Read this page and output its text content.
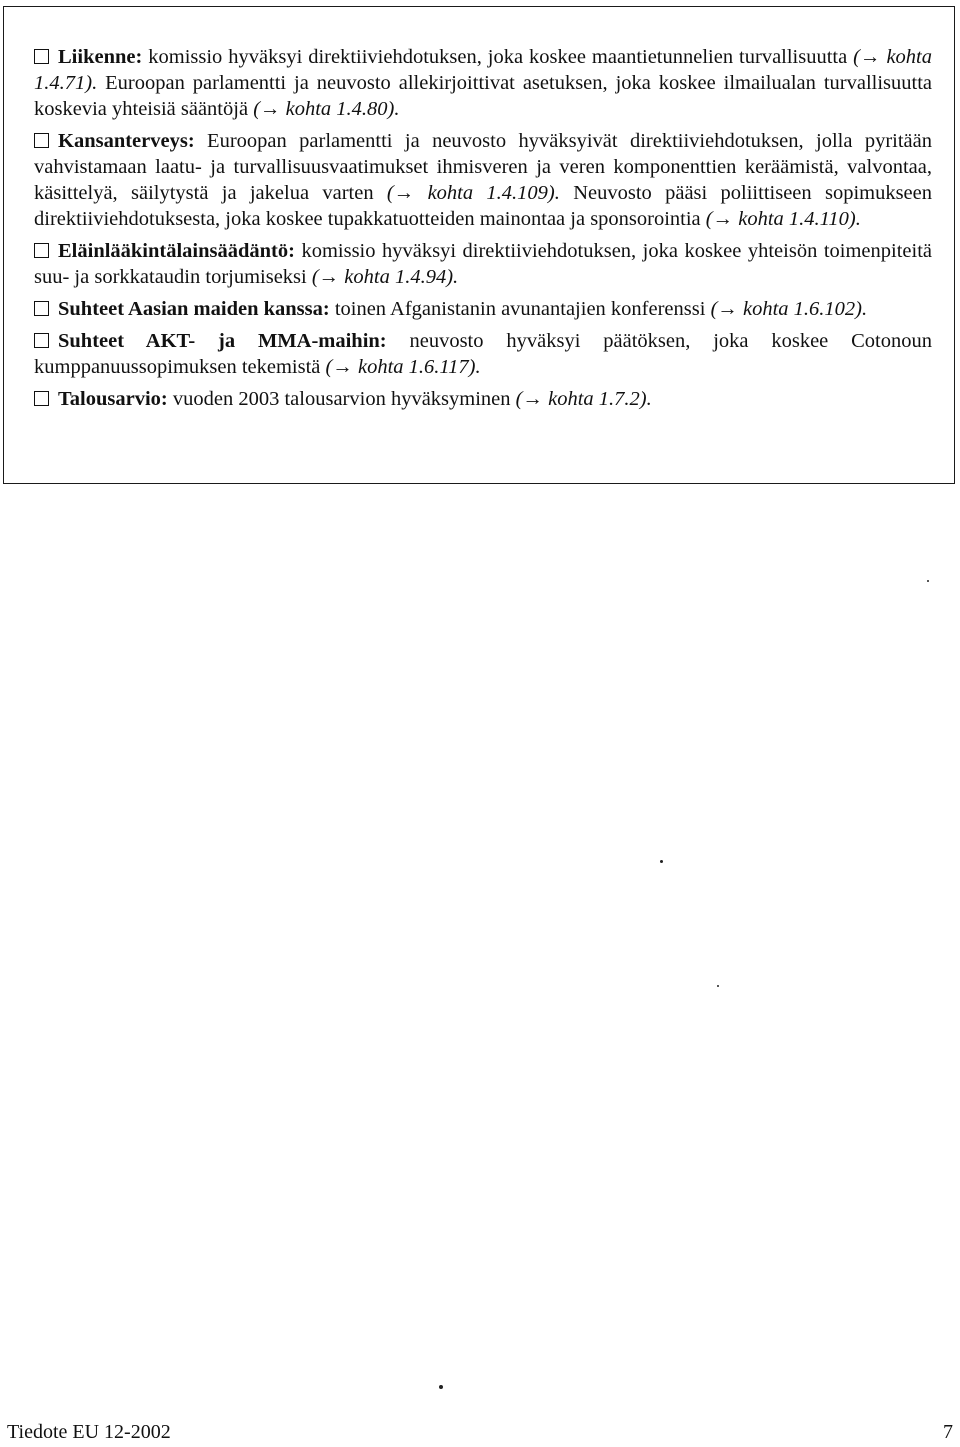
Liikenne: komissio hyväksyi direktiiviehdotuksen, joka koskee maantietunnelien turvallisuutta (→ kohta 1.4.71). Euroopan parlamentti ja neuvosto allekirjoittivat asetuksen, joka koskee ilmailualan turvallisuutta koskevia yhteisiä sääntöjä (→ kohta 1.4.80).

Kansanterveys: Euroopan parlamentti ja neuvosto hyväksyivät direktiiviehdotuksen, jolla pyritään vahvistamaan laatu- ja turvallisuusvaatimukset ihmisveren ja veren komponenttien keräämistä, valvontaa, käsittelyä, säilytystä ja jakelua varten (→ kohta 1.4.109). Neuvosto pääsi poliittiseen sopimukseen direktiiviehdotuksesta, joka koskee tupakkatuotteiden mainontaa ja sponsorointia (→ kohta 1.4.110).

Eläinlääkintälainsäädäntö: komissio hyväksyi direktiiviehdotuksen, joka koskee yhteisön toimenpiteitä suu- ja sorkkataudin torjumiseksi (→ kohta 1.4.94).

Suhteet Aasian maiden kanssa: toinen Afganistanin avunantajien konferenssi (→ kohta 1.6.102).

Suhteet AKT- ja MMA-maihin: neuvosto hyväksyi päätöksen, joka koskee Cotonoun kumppanuussopimuksen tekemistä (→ kohta 1.6.117).

Talousarvio: vuoden 2003 talousarvion hyväksyminen (→ kohta 1.7.2).

Tiedote EU 12-2002	7
